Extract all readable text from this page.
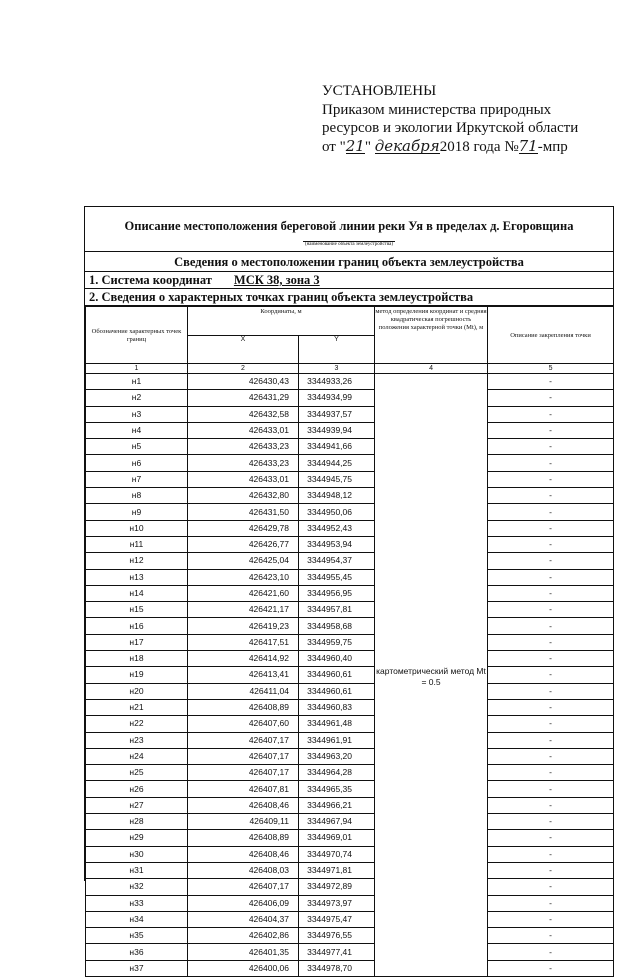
УСТАНОВЛЕНЫ
Приказом министерства природных
ресурсов и экологии Иркутской области
от "21" декабря2018 года №71-мпр
Описание местоположения береговой линии реки Уя в пределах д. Егоровщина
(наименование объекта землеустройства)
Сведения о местоположении границ объекта землеустройства
1. Система координат МСК 38, зона 3
2. Сведения о характерных точках границ объекта землеустройства
Обозначение характерных точек границ	Координаты, м		метод определения координат и средняя квадратическая погрешность положения характерной точки (Mt), м	Описание закрепления точки
	X	Y		
1	2	3	4	5
н1	426430,43	3344933,26	картометрический метод Mt = 0.5	-
н2	426431,29	3344934,99		-
н3	426432,58	3344937,57		-
н4	426433,01	3344939,94		-
н5	426433,23	3344941,66		-
н6	426433,23	3344944,25		-
н7	426433,01	3344945,75		-
н8	426432,80	3344948,12		-
н9	426431,50	3344950,06		-
н10	426429,78	3344952,43		-
н11	426426,77	3344953,94		-
н12	426425,04	3344954,37		-
н13	426423,10	3344955,45		-
н14	426421,60	3344956,95		-
н15	426421,17	3344957,81		-
н16	426419,23	3344958,68		-
н17	426417,51	3344959,75		-
н18	426414,92	3344960,40		-
н19	426413,41	3344960,61		-
н20	426411,04	3344960,61		-
н21	426408,89	3344960,83		-
н22	426407,60	3344961,48		-
н23	426407,17	3344961,91		-
н24	426407,17	3344963,20		-
н25	426407,17	3344964,28		-
н26	426407,81	3344965,35		-
н27	426408,46	3344966,21		-
н28	426409,11	3344967,94		-
н29	426408,89	3344969,01		-
н30	426408,46	3344970,74		-
н31	426408,03	3344971,81		-
н32	426407,17	3344972,89		-
н33	426406,09	3344973,97		-
н34	426404,37	3344975,47		-
н35	426402,86	3344976,55		-
н36	426401,35	3344977,41		-
н37	426400,06	3344978,70		-
